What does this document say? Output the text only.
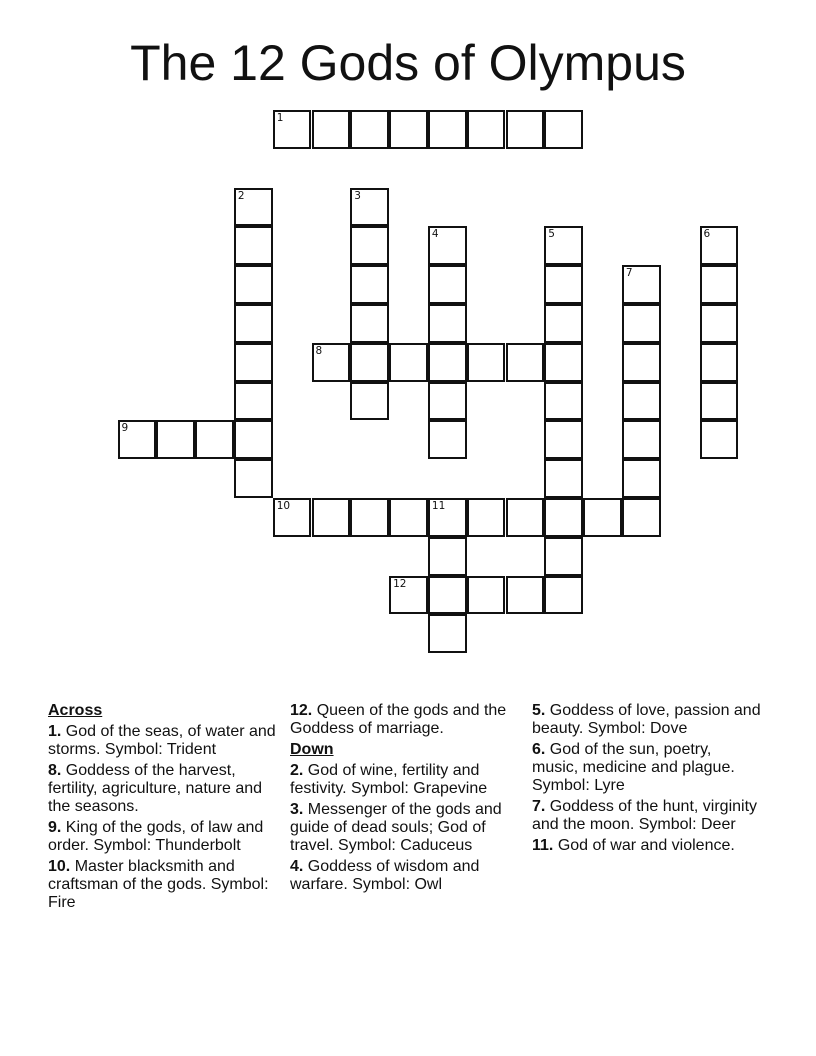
The 12 Gods of Olympus
1
2	3
4	5	6
7
8
9
10	11
12
Across
1. God of the seas, of water and storms. Symbol: Trident
8. Goddess of the harvest, fertility, agriculture, nature and the seasons.
9. King of the gods, of law and order. Symbol: Thunderbolt
10. Master blacksmith and craftsman of the gods. Symbol: Fire
12. Queen of the gods and the Goddess of marriage.
Down
2. God of wine, fertility and festivity. Symbol: Grapevine
3. Messenger of the gods and guide of dead souls; God of travel. Symbol: Caduceus
4. Goddess of wisdom and warfare. Symbol: Owl
5. Goddess of love, passion and beauty. Symbol: Dove
6. God of the sun, poetry, music, medicine and plague. Symbol: Lyre
7. Goddess of the hunt, virginity and the moon. Symbol: Deer
11. God of war and violence.
